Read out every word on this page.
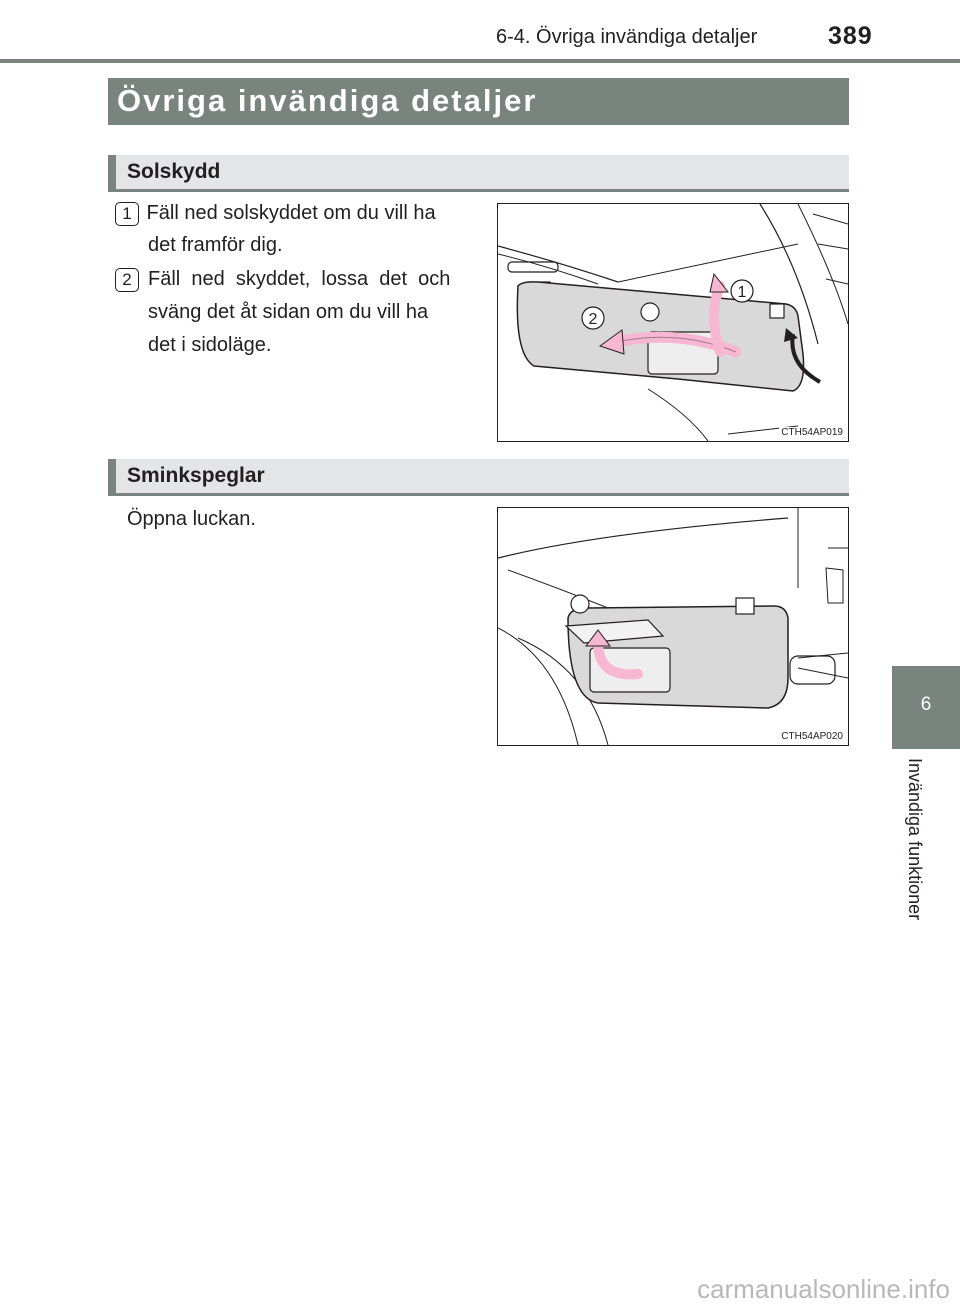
6-4. Övriga invändiga detaljer	389
Övriga invändiga detaljer
Solskydd
1 Fäll ned solskyddet om du vill ha
det framför dig.
2 Fäll  ned  skyddet,  lossa  det  och
sväng det åt sidan om du vill ha
det i sidoläge.
1
2
CTH54AP019
Sminkspeglar
Öppna luckan.
CTH54AP020
6
Invändiga funktioner
carmanualsonline.info
